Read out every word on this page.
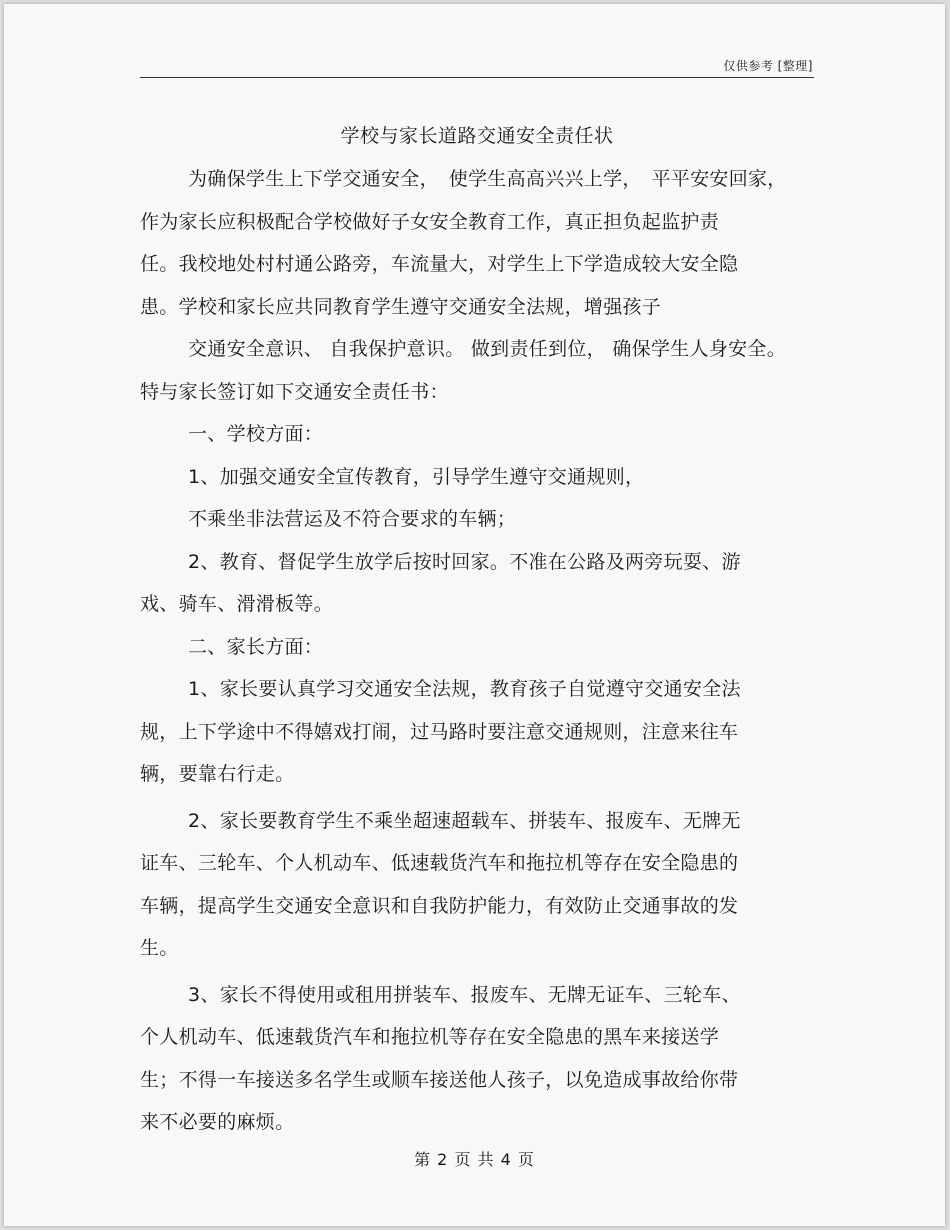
仅供参考 [整理]
学校与家长道路交通安全责任状
为确保学生上下学交通安全，　使学生高高兴兴上学，　平平安安回家，
作为家长应积极配合学校做好子女安全教育工作，真正担负起监护责
任。我校地处村村通公路旁，车流量大，对学生上下学造成较大安全隐
患。学校和家长应共同教育学生遵守交通安全法规，增强孩子
交通安全意识、 自我保护意识。 做到责任到位， 确保学生人身安全。
特与家长签订如下交通安全责任书：
一、学校方面：
1、加强交通安全宣传教育，引导学生遵守交通规则，
不乘坐非法营运及不符合要求的车辆；
2、教育、督促学生放学后按时回家。不准在公路及两旁玩耍、游
戏、骑车、滑滑板等。
二、家长方面：
1、家长要认真学习交通安全法规，教育孩子自觉遵守交通安全法
规，上下学途中不得嬉戏打闹，过马路时要注意交通规则，注意来往车
辆，要靠右行走。
2、家长要教育学生不乘坐超速超载车、拼装车、报废车、无牌无
证车、三轮车、个人机动车、低速载货汽车和拖拉机等存在安全隐患的
车辆，提高学生交通安全意识和自我防护能力，有效防止交通事故的发
生。
3、家长不得使用或租用拼装车、报废车、无牌无证车、三轮车、
个人机动车、低速载货汽车和拖拉机等存在安全隐患的黑车来接送学
生；不得一车接送多名学生或顺车接送他人孩子，以免造成事故给你带
来不必要的麻烦。
第 2 页 共 4 页
